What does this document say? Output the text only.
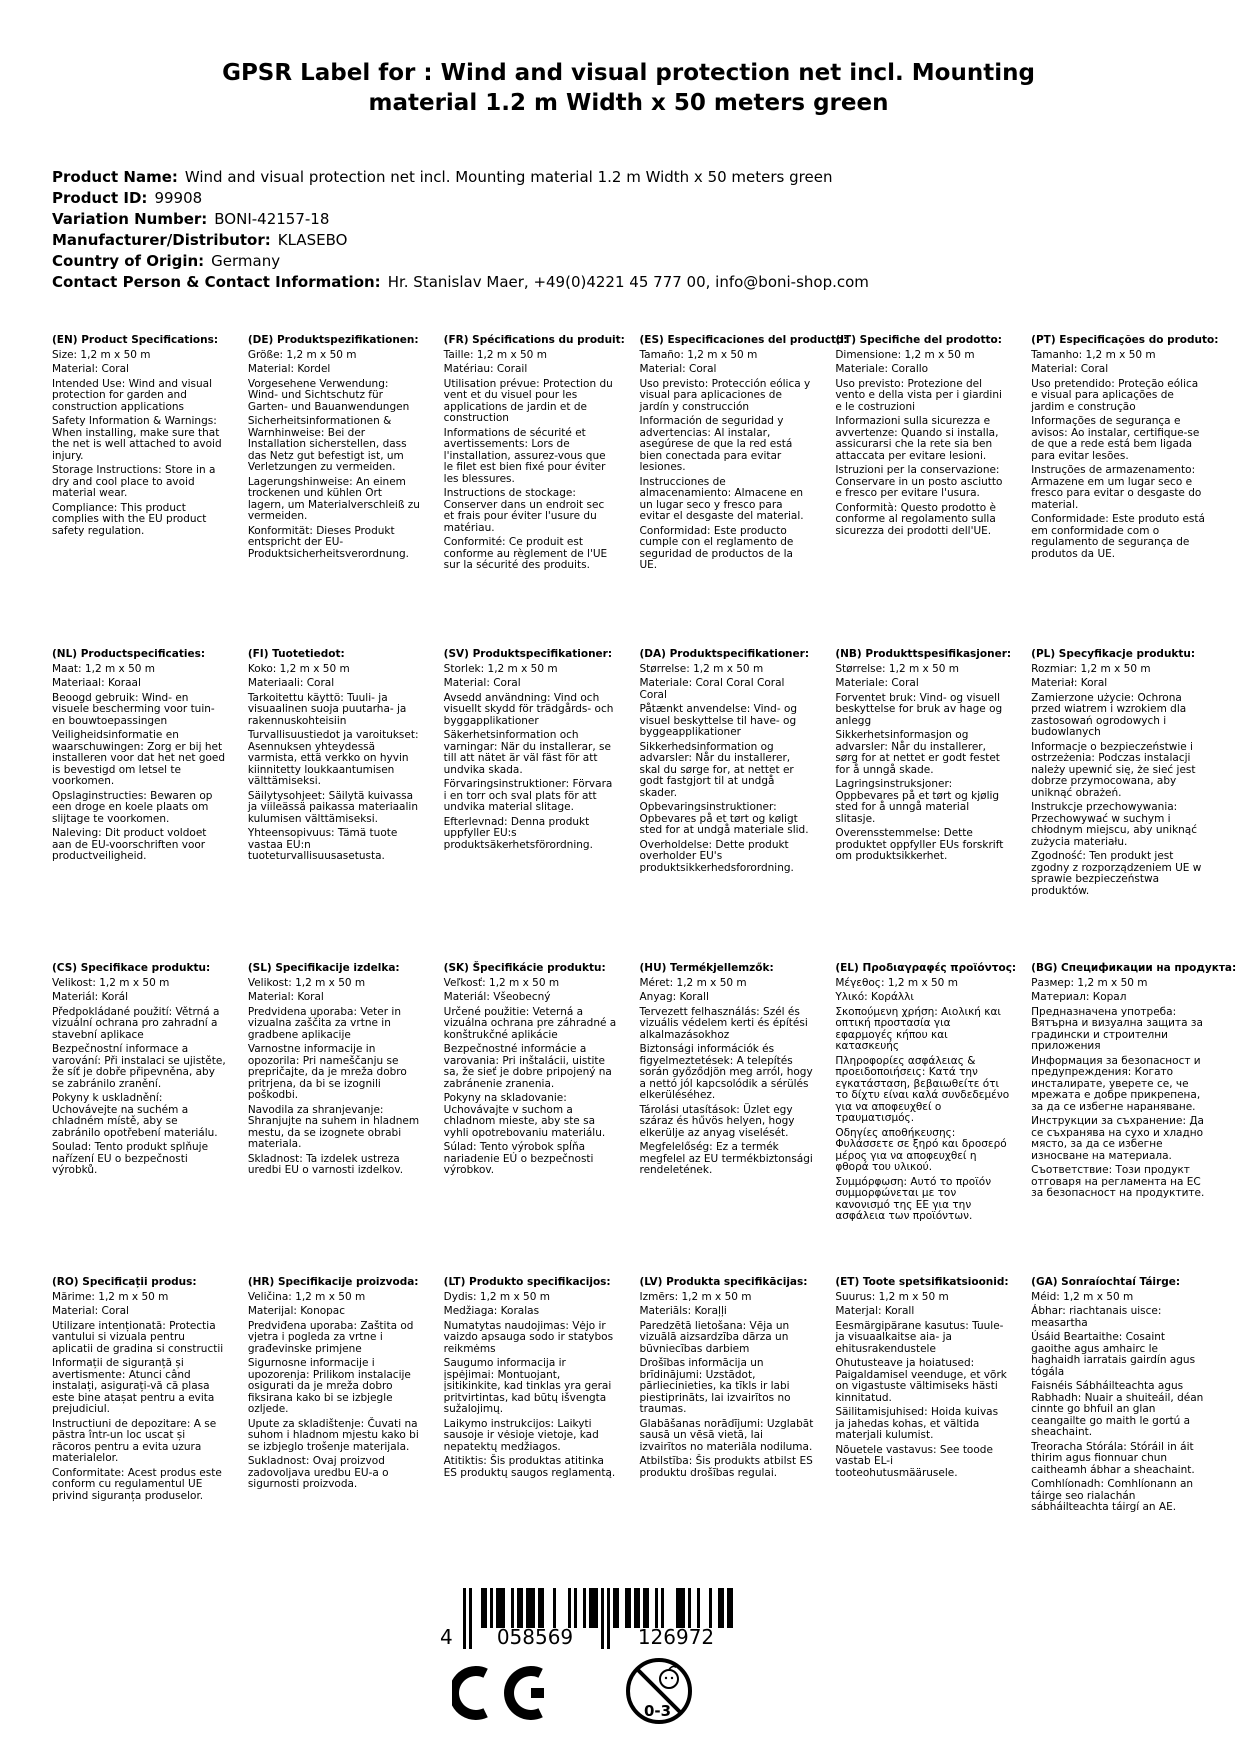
GPSR Label for : Wind and visual protection net incl. Mounting
material 1.2 m Width x 50 meters green
Product Name: Wind and visual protection net incl. Mounting material 1.2 m Width x 50 meters green
Product ID: 99908
Variation Number: BONI-42157-18
Manufacturer/Distributor: KLASEBO
Country of Origin: Germany
Contact Person & Contact Information: Hr. Stanislav Maer, +49(0)4221 45 777 00, info@boni-shop.com
(EN) Product Specifications:

Size: 1,2 m x 50 m

Material: Coral

Intended Use: Wind and visual protection for garden and construction applications

Safety Information & Warnings: When installing, make sure that the net is well attached to avoid injury.

Storage Instructions: Store in a dry and cool place to avoid material wear.

Compliance: This product complies with the EU product safety regulation.

(DE) Produktspezifikationen:

Größe: 1,2 m x 50 m

Material: Kordel

Vorgesehene Verwendung: Wind- und Sichtschutz für Garten- und Bauanwendungen

Sicherheitsinformationen & Warnhinweise: Bei der Installation sicherstellen, dass das Netz gut befestigt ist, um Verletzungen zu vermeiden.

Lagerungshinweise: An einem trockenen und kühlen Ort lagern, um Materialverschleiß zu vermeiden.

Konformität: Dieses Produkt entspricht der EU-Produktsicherheitsverordnung.

(FR) Spécifications du produit:

Taille: 1,2 m x 50 m

Matériau: Corail

Utilisation prévue: Protection du vent et du visuel pour les applications de jardin et de construction

Informations de sécurité et avertissements: Lors de l'installation, assurez-vous que le filet est bien fixé pour éviter les blessures.

Instructions de stockage: Conserver dans un endroit sec et frais pour éviter l'usure du matériau.

Conformité: Ce produit est conforme au règlement de l'UE sur la sécurité des produits.

(ES) Especificaciones del producto:

Tamaño: 1,2 m x 50 m

Material: Coral

Uso previsto: Protección eólica y visual para aplicaciones de jardín y construcción

Información de seguridad y advertencias: Al instalar, asegúrese de que la red está bien conectada para evitar lesiones.

Instrucciones de almacenamiento: Almacene en un lugar seco y fresco para evitar el desgaste del material.

Conformidad: Este producto cumple con el reglamento de seguridad de productos de la UE.

(IT) Specifiche del prodotto:

Dimensione: 1,2 m x 50 m

Materiale: Corallo

Uso previsto: Protezione del vento e della vista per i giardini e le costruzioni

Informazioni sulla sicurezza e avvertenze: Quando si installa, assicurarsi che la rete sia ben attaccata per evitare lesioni.

Istruzioni per la conservazione: Conservare in un posto asciutto e fresco per evitare l'usura.

Conformità: Questo prodotto è conforme al regolamento sulla sicurezza dei prodotti dell'UE.

(PT) Especificações do produto:

Tamanho: 1,2 m x 50 m

Material: Coral

Uso pretendido: Proteção eólica e visual para aplicações de jardim e construção

Informações de segurança e avisos: Ao instalar, certifique-se de que a rede está bem ligada para evitar lesões.

Instruções de armazenamento: Armazene em um lugar seco e fresco para evitar o desgaste do material.

Conformidade: Este produto está em conformidade com o regulamento de segurança de produtos da UE.

(NL) Productspecificaties:

Maat: 1,2 m x 50 m

Materiaal: Koraal

Beoogd gebruik: Wind- en visuele bescherming voor tuin- en bouwtoepassingen

Veiligheidsinformatie en waarschuwingen: Zorg er bij het installeren voor dat het net goed is bevestigd om letsel te voorkomen.

Opslaginstructies: Bewaren op een droge en koele plaats om slijtage te voorkomen.

Naleving: Dit product voldoet aan de EU-voorschriften voor productveiligheid.

(FI) Tuotetiedot:

Koko: 1,2 m x 50 m

Materiaali: Coral

Tarkoitettu käyttö: Tuuli- ja visuaalinen suoja puutarha- ja rakennuskohteisiin

Turvallisuustiedot ja varoitukset: Asennuksen yhteydessä varmista, että verkko on hyvin kiinnitetty loukkaantumisen välttämiseksi.

Säilytysohjeet: Säilytä kuivassa ja viileässä paikassa materiaalin kulumisen välttämiseksi.

Yhteensopivuus: Tämä tuote vastaa EU:n tuoteturvallisuusasetusta.

(SV) Produktspecifikationer:

Storlek: 1,2 m x 50 m

Material: Coral

Avsedd användning: Vind och visuellt skydd för trädgårds- och byggapplikationer

Säkerhetsinformation och varningar: När du installerar, se till att nätet är väl fäst för att undvika skada.

Förvaringsinstruktioner: Förvara i en torr och sval plats för att undvika material slitage.

Efterlevnad: Denna produkt uppfyller EU:s produktsäkerhetsförordning.

(DA) Produktspecifikationer:

Størrelse: 1,2 m x 50 m

Materiale: Coral Coral Coral Coral

Påtænkt anvendelse: Vind- og visuel beskyttelse til have- og byggeapplikationer

Sikkerhedsinformation og advarsler: Når du installerer, skal du sørge for, at nettet er godt fastgjort til at undgå skader.

Opbevaringsinstruktioner: Opbevares på et tørt og køligt sted for at undgå materiale slid.

Overholdelse: Dette produkt overholder EU's produktsikkerhedsforordning.

(NB) Produkttspesifikasjoner:

Størrelse: 1,2 m x 50 m

Materiale: Coral

Forventet bruk: Vind- og visuell beskyttelse for bruk av hage og anlegg

Sikkerhetsinformasjon og advarsler: Når du installerer, sørg for at nettet er godt festet for å unngå skade.

Lagringsinstruksjoner: Oppbevares på et tørt og kjølig sted for å unngå material slitasje.

Overensstemmelse: Dette produktet oppfyller EUs forskrift om produktsikkerhet.

(PL) Specyfikacje produktu:

Rozmiar: 1,2 m x 50 m

Materiał: Koral

Zamierzone użycie: Ochrona przed wiatrem i wzrokiem dla zastosowań ogrodowych i budowlanych

Informacje o bezpieczeństwie i ostrzeżenia: Podczas instalacji należy upewnić się, że sieć jest dobrze przymocowana, aby uniknąć obrażeń.

Instrukcje przechowywania: Przechowywać w suchym i chłodnym miejscu, aby uniknąć zużycia materiału.

Zgodność: Ten produkt jest zgodny z rozporządzeniem UE w sprawie bezpieczeństwa produktów.

(CS) Specifikace produktu:

Velikost: 1,2 m x 50 m

Materiál: Korál

Předpokládané použití: Větrná a vizuální ochrana pro zahradní a stavební aplikace

Bezpečnostní informace a varování: Při instalaci se ujistěte, že síť je dobře připevněna, aby se zabránilo zranění.

Pokyny k uskladnění: Uchovávejte na suchém a chladném místě, aby se zabránilo opotřebení materiálu.

Soulad: Tento produkt splňuje nařízení EU o bezpečnosti výrobků.

(SL) Specifikacije izdelka:

Velikost: 1,2 m x 50 m

Material: Koral

Predvidena uporaba: Veter in vizualna zaščita za vrtne in gradbene aplikacije

Varnostne informacije in opozorila: Pri nameščanju se prepričajte, da je mreža dobro pritrjena, da bi se izognili poškodbi.

Navodila za shranjevanje: Shranjujte na suhem in hladnem mestu, da se izognete obrabi materiala.

Skladnost: Ta izdelek ustreza uredbi EU o varnosti izdelkov.

(SK) Špecifikácie produktu:

Veľkosť: 1,2 m x 50 m

Materiál: Všeobecný

Určené použitie: Veterná a vizuálna ochrana pre záhradné a konštrukčné aplikácie

Bezpečnostné informácie a varovania: Pri inštalácii, uistite sa, že sieť je dobre pripojený na zabránenie zranenia.

Pokyny na skladovanie: Uchovávajte v suchom a chladnom mieste, aby ste sa vyhli opotrebovaniu materiálu.

Súlad: Tento výrobok spĺňa nariadenie EÚ o bezpečnosti výrobkov.

(HU) Termékjellemzők:

Méret: 1,2 m x 50 m

Anyag: Korall

Tervezett felhasználás: Szél és vizuális védelem kerti és építési alkalmazásokhoz

Biztonsági információk és figyelmeztetések: A telepítés során győződjön meg arról, hogy a nettó jól kapcsolódik a sérülés elkerüléséhez.

Tárolási utasítások: Üzlet egy száraz és hűvös helyen, hogy elkerülje az anyag viselését.

Megfelelőség: Ez a termék megfelel az EU termékbiztonsági rendeletének.

(EL) Προδιαγραφές προϊόντος:

Μέγεθος: 1,2 m x 50 m

Υλικό: Κοράλλι

Σκοπούμενη χρήση: Αιολική και οπτική προστασία για εφαρμογές κήπου και κατασκευής

Πληροφορίες ασφάλειας & προειδοποιήσεις: Κατά την εγκατάσταση, βεβαιωθείτε ότι το δίχτυ είναι καλά συνδεδεμένο για να αποφευχθεί ο τραυματισμός.

Οδηγίες αποθήκευσης: Φυλάσσετε σε ξηρό και δροσερό μέρος για να αποφευχθεί η φθορά του υλικού.

Συμμόρφωση: Αυτό το προϊόν συμμορφώνεται με τον κανονισμό της ΕΕ για την ασφάλεια των προϊόντων.

(BG) Спецификации на продукта:

Размер: 1,2 m x 50 m

Материал: Корал

Предназначена употреба: Вятърна и визуална защита за градински и строителни приложения

Информация за безопасност и предупреждения: Когато инсталирате, уверете се, че мрежата е добре прикрепена, за да се избегне нараняване.

Инструкции за съхранение: Да се съхранява на сухо и хладно място, за да се избегне износване на материала.

Съответствие: Този продукт отговаря на регламента на ЕС за безопасност на продуктите.

(RO) Specificații produs:

Mărime: 1,2 m x 50 m

Material: Coral

Utilizare intenționată: Protectia vantului si vizuala pentru aplicatii de gradina si constructii

Informații de siguranță și avertismente: Atunci când instalați, asigurați-vă că plasa este bine atașat pentru a evita prejudiciul.

Instructiuni de depozitare: A se păstra într-un loc uscat și răcoros pentru a evita uzura materialelor.

Conformitate: Acest produs este conform cu regulamentul UE privind siguranța produselor.

(HR) Specifikacije proizvoda:

Veličina: 1,2 m x 50 m

Materijal: Konopac

Predviđena uporaba: Zaštita od vjetra i pogleda za vrtne i građevinske primjene

Sigurnosne informacije i upozorenja: Prilikom instalacije osigurati da je mreža dobro fiksirana kako bi se izbjegle ozljede.

Upute za skladištenje: Čuvati na suhom i hladnom mjestu kako bi se izbjeglo trošenje materijala.

Sukladnost: Ovaj proizvod zadovoljava uredbu EU-a o sigurnosti proizvoda.

(LT) Produkto specifikacijos:

Dydis: 1,2 m x 50 m

Medžiaga: Koralas

Numatytas naudojimas: Vėjo ir vaizdo apsauga sodo ir statybos reikmėms

Saugumo informacija ir įspėjimai: Montuojant, įsitikinkite, kad tinklas yra gerai pritvirtintas, kad būtų išvengta sužalojimų.

Laikymo instrukcijos: Laikyti sausoje ir vėsioje vietoje, kad nepatektų medžiagos.

Atitiktis: Šis produktas atitinka ES produktų saugos reglamentą.

(LV) Produkta specifikācijas:

Izmērs: 1,2 m x 50 m

Materiāls: Koraļļi

Paredzētā lietošana: Vēja un vizuālā aizsardzība dārza un būvniecības darbiem

Drošības informācija un brīdinājumi: Uzstādot, pārliecinieties, ka tīkls ir labi piestiprināts, lai izvairītos no traumas.

Glabāšanas norādījumi: Uzglabāt sausā un vēsā vietā, lai izvairītos no materiāla nodiluma.

Atbilstība: Šis produkts atbilst ES produktu drošības regulai.

(ET) Toote spetsifikatsioonid:

Suurus: 1,2 m x 50 m

Materjal: Korall

Eesmärgipärane kasutus: Tuule- ja visuaalkaitse aia- ja ehitusrakendustele

Ohutusteave ja hoiatused: Paigaldamisel veenduge, et võrk on vigastuste vältimiseks hästi kinnitatud.

Säilitamisjuhised: Hoida kuivas ja jahedas kohas, et vältida materjali kulumist.

Nõuetele vastavus: See toode vastab EL-i tooteohutusmäärusele.

(GA) Sonraíochtaí Táirge:

Méid: 1,2 m x 50 m

Ábhar: riachtanais uisce: measartha

Úsáid Beartaithe: Cosaint gaoithe agus amhairc le haghaidh iarratais gairdín agus tógála

Faisnéis Sábháilteachta agus Rabhadh: Nuair a shuiteáil, déan cinnte go bhfuil an glan ceangailte go maith le gortú a sheachaint.

Treoracha Stórála: Stóráil in áit thirim agus fionnuar chun caitheamh ábhar a sheachaint.

Comhlíonadh: Comhlíonann an táirge seo rialachán sábháilteachta táirgí an AE.

4	058569	126972
0-3
